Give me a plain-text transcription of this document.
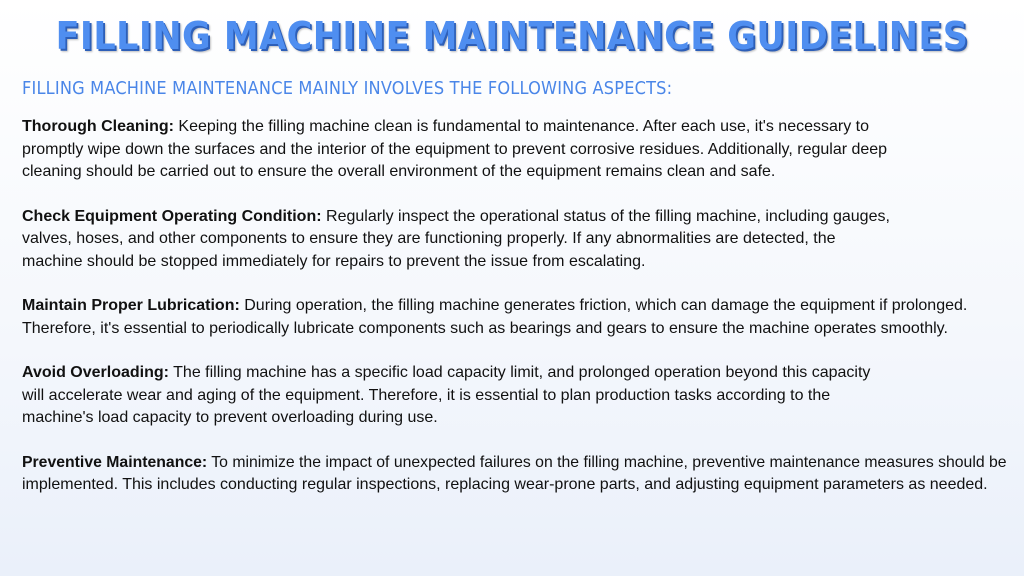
FILLING MACHINE MAINTENANCE GUIDELINES
FILLING MACHINE MAINTENANCE MAINLY INVOLVES THE FOLLOWING ASPECTS:
Thorough Cleaning: Keeping the filling machine clean is fundamental to maintenance. After each use, it's necessary to
promptly wipe down the surfaces and the interior of the equipment to prevent corrosive residues. Additionally, regular deep
cleaning should be carried out to ensure the overall environment of the equipment remains clean and safe.
Check Equipment Operating Condition: Regularly inspect the operational status of the filling machine, including gauges,
valves, hoses, and other components to ensure they are functioning properly. If any abnormalities are detected, the
machine should be stopped immediately for repairs to prevent the issue from escalating.
Maintain Proper Lubrication: During operation, the filling machine generates friction, which can damage the equipment if prolonged.
Therefore, it's essential to periodically lubricate components such as bearings and gears to ensure the machine operates smoothly.
Avoid Overloading: The filling machine has a specific load capacity limit, and prolonged operation beyond this capacity
will accelerate wear and aging of the equipment. Therefore, it is essential to plan production tasks according to the
machine's load capacity to prevent overloading during use.
Preventive Maintenance: To minimize the impact of unexpected failures on the filling machine, preventive maintenance measures should be
implemented. This includes conducting regular inspections, replacing wear-prone parts, and adjusting equipment parameters as needed.
